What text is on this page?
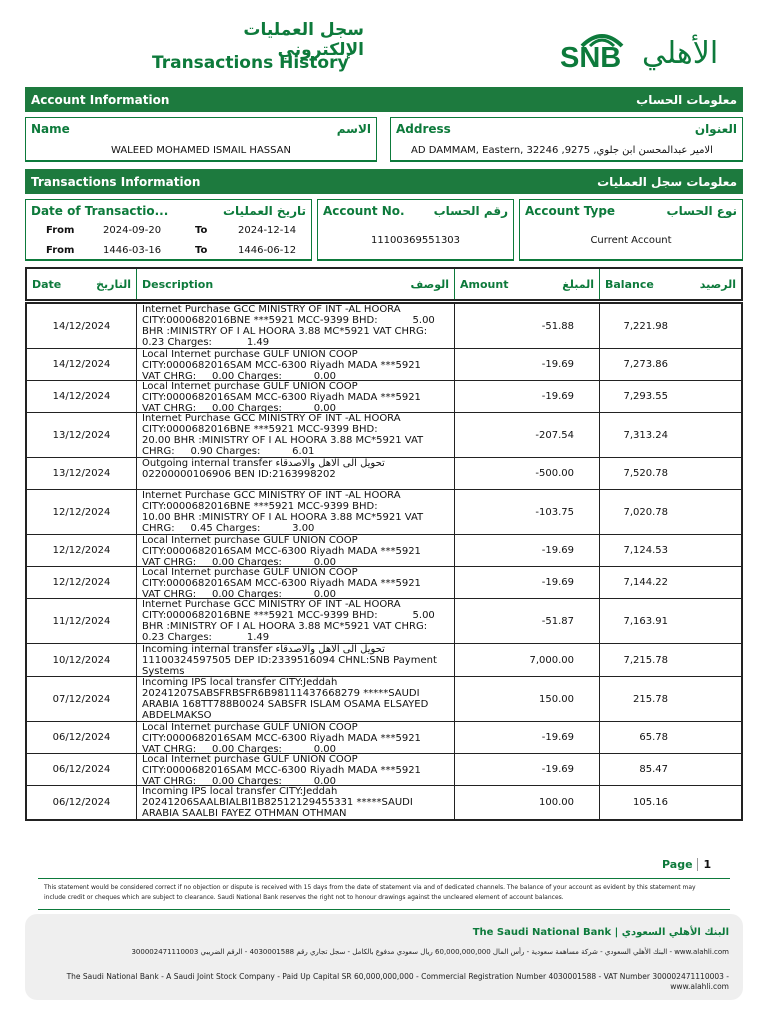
سجل العمليات الإلكتروني
Transactions History	SNB الأهلي
Account Information	معلومات الحساب
Name	الاسم
WALEED MOHAMED ISMAIL HASSAN
Address	العنوان
AD DAMMAM, Eastern, 32246 ,9275 ,الامير عبدالمحسن ابن جلوي
Transactions Information	معلومات سجل العمليات
Date of Transactio...	تاريخ العمليات
From	2024-09-20	To	2024-12-14
From	1446-03-16	To	1446-06-12
Account No. رقم الحساب
11100369551303
Account Type	نوع الحساب
Current Account
Date	التاريخ Description	الوصف Amount	المبلغ Balance	الرصيد
14/12/2024
Internet Purchase GCC MINISTRY OF INT -AL HOORA
CITY:0000682016BNE ***5921 MCC-9399 BHD:           5.00
BHR :MINISTRY OF I AL HOORA 3.88 MC*5921 VAT CHRG:
0.23 Charges:           1.49
-51.88	7,221.98
14/12/2024
Local Internet purchase GULF UNION COOP
CITY:0000682016SAM MCC-6300 Riyadh MADA ***5921
VAT CHRG:     0.00 Charges:          0.00
-19.69	7,273.86
14/12/2024
Local Internet purchase GULF UNION COOP
CITY:0000682016SAM MCC-6300 Riyadh MADA ***5921
VAT CHRG:     0.00 Charges:          0.00
-19.69	7,293.55
13/12/2024
Internet Purchase GCC MINISTRY OF INT -AL HOORA
CITY:0000682016BNE ***5921 MCC-9399 BHD:
20.00 BHR :MINISTRY OF I AL HOORA 3.88 MC*5921 VAT
CHRG:     0.90 Charges:          6.01
-207.54	7,313.24
13/12/2024
Outgoing internal transfer تحويل الى الاهل والاصدقاء
02200000106906 BEN ID:2163998202	-500.00	7,520.78
12/12/2024
Internet Purchase GCC MINISTRY OF INT -AL HOORA
CITY:0000682016BNE ***5921 MCC-9399 BHD:
10.00 BHR :MINISTRY OF I AL HOORA 3.88 MC*5921 VAT
CHRG:     0.45 Charges:          3.00
-103.75	7,020.78
12/12/2024
Local Internet purchase GULF UNION COOP
CITY:0000682016SAM MCC-6300 Riyadh MADA ***5921
VAT CHRG:     0.00 Charges:          0.00
-19.69	7,124.53
12/12/2024
Local Internet purchase GULF UNION COOP
CITY:0000682016SAM MCC-6300 Riyadh MADA ***5921
VAT CHRG:     0.00 Charges:          0.00
-19.69	7,144.22
11/12/2024
Internet Purchase GCC MINISTRY OF INT -AL HOORA
CITY:0000682016BNE ***5921 MCC-9399 BHD:           5.00
BHR :MINISTRY OF I AL HOORA 3.88 MC*5921 VAT CHRG:
0.23 Charges:           1.49
-51.87	7,163.91
10/12/2024
Incoming internal transfer تحويل الى الاهل والاصدقاء
11100324597505 DEP ID:2339516094 CHNL:SNB Payment
Systems
7,000.00	7,215.78
07/12/2024
Incoming IPS local transfer CITY:Jeddah
20241207SABSFRBSFR6B98111437668279 *****SAUDI
ARABIA 168TT788B0024 SABSFR ISLAM OSAMA ELSAYED
ABDELMAKSO
150.00	215.78
06/12/2024
Local Internet purchase GULF UNION COOP
CITY:0000682016SAM MCC-6300 Riyadh MADA ***5921
VAT CHRG:     0.00 Charges:          0.00
-19.69	65.78
06/12/2024
Local Internet purchase GULF UNION COOP
CITY:0000682016SAM MCC-6300 Riyadh MADA ***5921
VAT CHRG:     0.00 Charges:          0.00
-19.69	85.47
06/12/2024
Incoming IPS local transfer CITY:Jeddah
20241206SAALBIALBI1B82512129455331 *****SAUDI
ARABIA SAALBI FAYEZ OTHMAN OTHMAN
100.00	105.16
Page 1
This statement would be considered correct if no objection or dispute is received with 15 days from the date of statement via and of dedicated channels. The balance of your account as evident by this statement may include credit or cheques which are subject to clearance. Saudi National Bank reserves the right not to honour drawings against the uncleared element of account balances.
The Saudi National Bank | البنك الأهلي السعودي
البنك الأهلي السعودي - شركة مساهمة سعودية - رأس المال 60,000,000,000 ريال سعودي مدفوع بالكامل - سجل تجاري رقم 4030001588 - الرقم الضريبي 300002471110003 - www.alahli.com
The Saudi National Bank - A Saudi Joint Stock Company - Paid Up Capital SR 60,000,000,000 - Commercial Registration Number 4030001588 - VAT Number 300002471110003 - www.alahli.com
